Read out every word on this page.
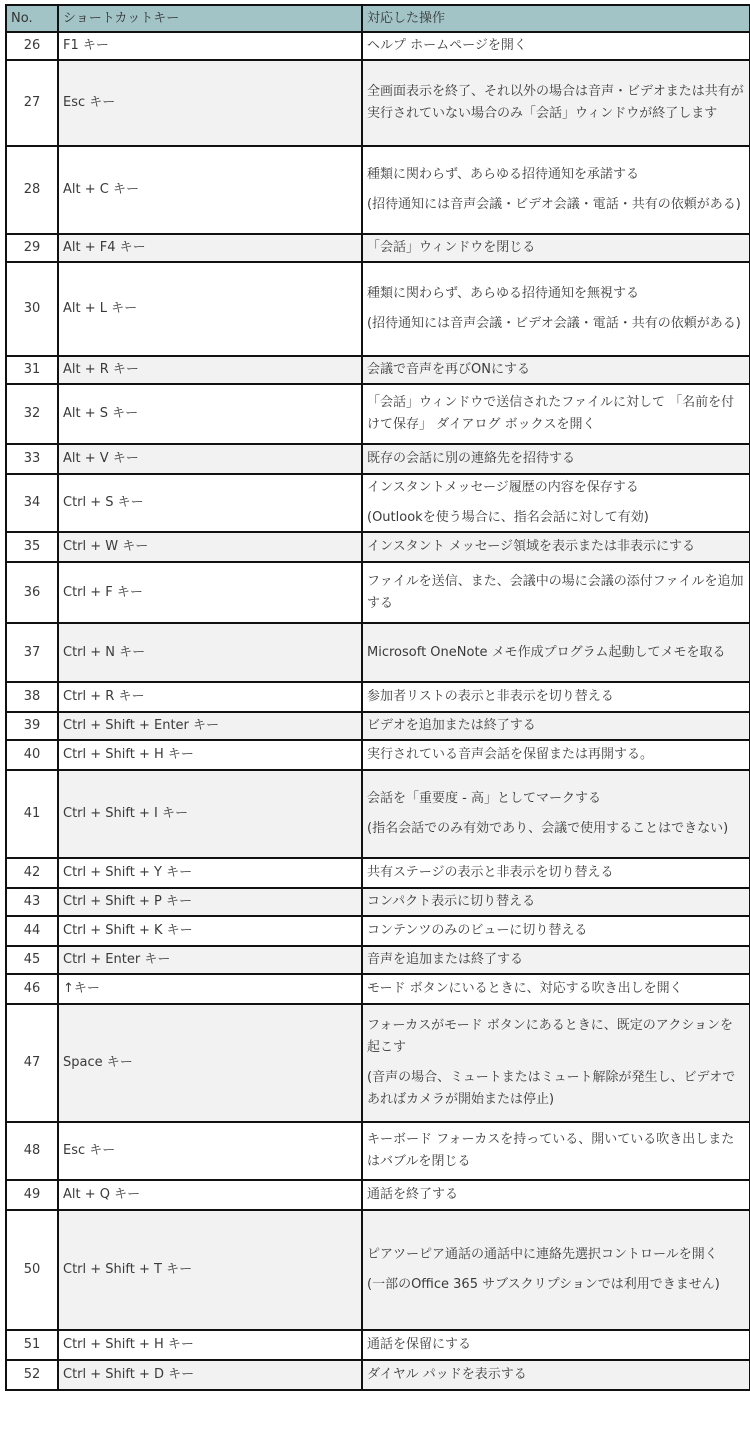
No.	ショートカットキー	対応した操作
26	F1 キー	ヘルプ ホームページを開く

27	Esc キー	全画面表示を終了、それ以外の場合は音声・ビデオまたは共有が実行されていない場合のみ「会話」ウィンドウが終了します

28	Alt + C キー	種類に関わらず、あらゆる招待通知を承諾する

(招待通知には音声会議・ビデオ会議・電話・共有の依頼がある)

29	Alt + F4 キー	「会話」ウィンドウを閉じる

30	Alt + L キー	種類に関わらず、あらゆる招待通知を無視する

(招待通知には音声会議・ビデオ会議・電話・共有の依頼がある)

31	Alt + R キー	会議で音声を再びONにする

32	Alt + S キー	「会話」ウィンドウで送信されたファイルに対して 「名前を付けて保存」 ダイアログ ボックスを開く

33	Alt + V キー	既存の会話に別の連絡先を招待する

34	Ctrl + S キー	インスタントメッセージ履歴の内容を保存する

(Outlookを使う場合に、指名会話に対して有効)

35	Ctrl + W キー	インスタント メッセージ領域を表示または非表示にする

36	Ctrl + F キー	ファイルを送信、また、会議中の場に会議の添付ファイルを追加する

37	Ctrl + N キー	Microsoft OneNote メモ作成プログラム起動してメモを取る

38	Ctrl + R キー	参加者リストの表示と非表示を切り替える

39	Ctrl + Shift + Enter キー	ビデオを追加または終了する

40	Ctrl + Shift + H キー	実行されている音声会話を保留または再開する。

41	Ctrl + Shift + I キー	会話を「重要度 - 高」としてマークする

(指名会話でのみ有効であり、会議で使用することはできない)

42	Ctrl + Shift + Y キー	共有ステージの表示と非表示を切り替える

43	Ctrl + Shift + P キー	コンパクト表示に切り替える

44	Ctrl + Shift + K キー	コンテンツのみのビューに切り替える

45	Ctrl + Enter キー	音声を追加または終了する

46	↑キー	モード ボタンにいるときに、対応する吹き出しを開く

47	Space キー	フォーカスがモード ボタンにあるときに、既定のアクションを起こす

(音声の場合、ミュートまたはミュート解除が発生し、ビデオであればカメラが開始または停止)

48	Esc キー	キーボード フォーカスを持っている、開いている吹き出しまたはバブルを閉じる

49	Alt + Q キー	通話を終了する

50	Ctrl + Shift + T キー	ピアツーピア通話の通話中に連絡先選択コントロールを開く

(一部のOffice 365 サブスクリプションでは利用できません)

51	Ctrl + Shift + H キー	通話を保留にする

52	Ctrl + Shift + D キー	ダイヤル パッドを表示する
